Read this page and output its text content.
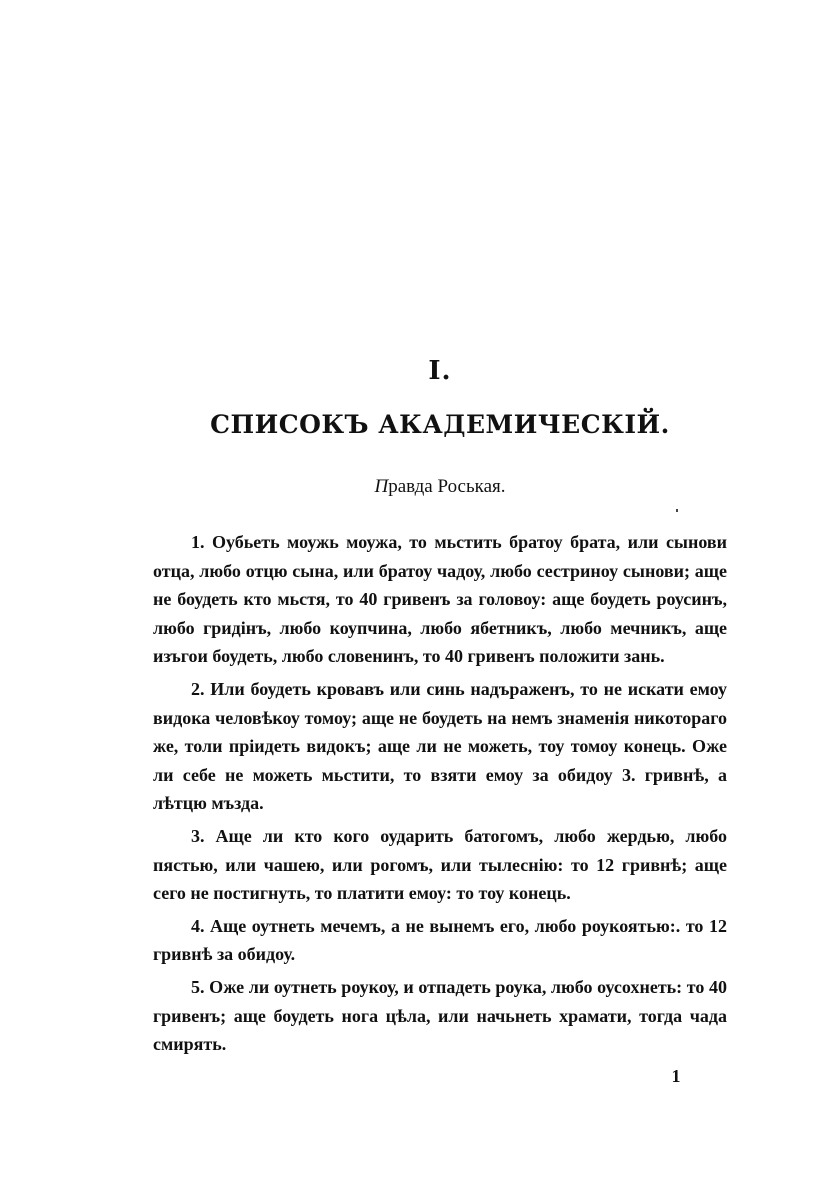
I.
СПИСОКЪ АКАДЕМИЧЕСКІЙ.
Правда Роськая.

1. Оубьеть моужь моужа, то мьстить братоу брата, или сынови отца, любо отцю сына, или братоу чадоу, любо сестриноу сынови; аще не боудеть кто мьстя, то 40 гривенъ за головоу: аще боудеть роусинъ, любо гридінъ, любо коупчина, любо ябетникъ, любо мечникъ, аще изъгои боудеть, любо словенинъ, то 40 гривенъ положити зань.

2. Или боудеть кровавъ или синь надъраженъ, то не искати емоу видока человѣкоу томоу; аще не боудеть на немъ знаменія никотораго же, толи пріидеть видокъ; аще ли не можеть, тоу томоу конець. Оже ли себе не можеть мьстити, то взяти емоу за обидоу 3. гривнѣ, а лѣтцю мъзда.

3. Аще ли кто кого оударить батогомъ, любо жердью, любо пястью, или чашею, или рогомъ, или тылеснію: то 12 гривнѣ; аще сего не постигнуть, то платити емоу: то тоу конець.

4. Аще оутнеть мечемъ, а не вынемъ его, любо роукоятью:. то 12 гривнѣ за обидоу.

5. Оже ли оутнеть роукоу, и отпадеть роука, любо оусохнеть: то 40 гривенъ; аще боудеть нога цѣла, или начьнеть храмати, тогда чада смирять.

1
